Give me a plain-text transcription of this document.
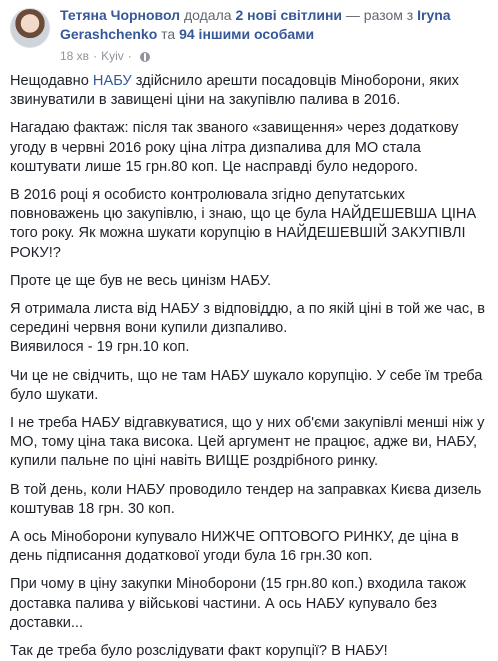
Тетяна Чорновол додала 2 нові світлини — разом з Iryna Gerashchenko та 94 іншими особами
18 хв · Kyiv ·

Нещодавно НАБУ здійснило арешти посадовців Міноборони, яких звинуватили в завищені ціни на закупівлю палива в 2016.

Нагадаю фактаж: після так званого «завищення» через додаткову угоду в червні 2016 року ціна літра дизпалива для МО стала коштувати лише 15 грн.80 коп. Це насправді було недорого.

В 2016 році я особисто контролювала згідно депутатських повноважень цю закупівлю, і знаю, що це була НАЙДЕШЕВША ЦІНА того року. Як можна шукати корупцію в НАЙДЕШЕВШІЙ ЗАКУПІВЛІ РОКУ!?

Проте це ще був не весь цинізм НАБУ.

Я отримала листа від НАБУ з відповіддю, а по якій ціні в той же час, в середині червня вони купили дизпаливо.
Виявилося - 19 грн.10 коп.

Чи це не свідчить, що не там НАБУ шукало корупцію. У себе їм треба було шукати.

І не треба НАБУ відгавкуватися, що у них об'єми закупівлі менші ніж у МО, тому ціна така висока. Цей аргумент не працює, адже ви, НАБУ, купили пальне по ціні навіть ВИЩЕ роздрібного ринку.

В той день, коли НАБУ проводило тендер на заправках Києва дизель коштував 18 грн. 30 коп.

А ось Міноборони купувало НИЖЧЕ ОПТОВОГО РИНКУ, де ціна в день підписання додаткової угоди була 16 грн.30 коп.

При чому в ціну закупки Міноборони (15 грн.80 коп.) входила також доставка палива у військові частини. А ось НАБУ купувало без доставки...

Так де треба було розслідувати факт корупції? В НАБУ!
